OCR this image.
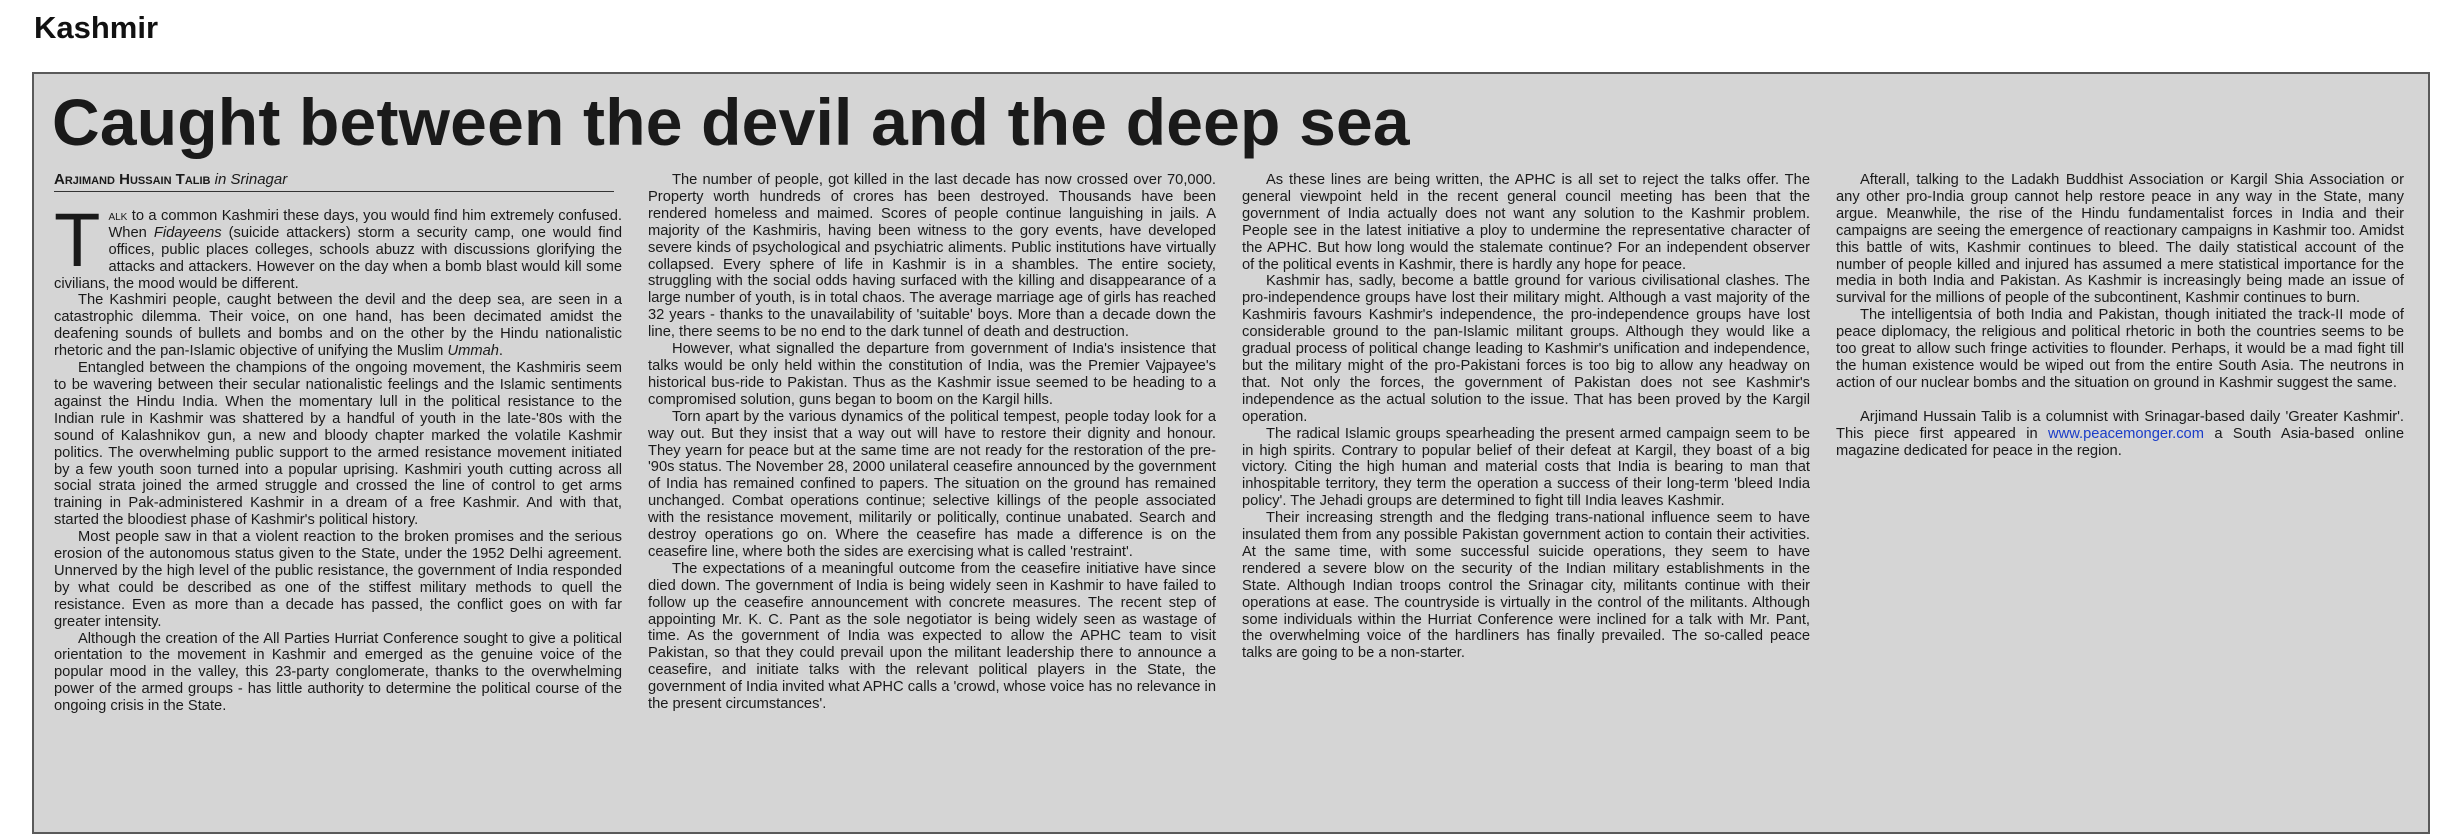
Kashmir
Caught between the devil and the deep sea
Arjimand Hussain Talib in Srinagar

Talk to a common Kashmiri these days, you would find him extremely confused. When Fidayeens (suicide attackers) storm a security camp, one would find offices, public places colleges, schools abuzz with discussions glorifying the attacks and attackers. However on the day when a bomb blast would kill some civilians, the mood would be different.

The Kashmiri people, caught between the devil and the deep sea, are seen in a catastrophic dilemma. Their voice, on one hand, has been decimated amidst the deafening sounds of bullets and bombs and on the other by the Hindu nationalistic rhetoric and the pan-Islamic objective of unifying the Muslim Ummah.

Entangled between the champions of the ongoing movement, the Kashmiris seem to be wavering between their secular nationalistic feelings and the Islamic sentiments against the Hindu India. When the momentary lull in the political resistance to the Indian rule in Kashmir was shattered by a handful of youth in the late-'80s with the sound of Kalashnikov gun, a new and bloody chapter marked the volatile Kashmir politics. The overwhelming public support to the armed resistance movement initiated by a few youth soon turned into a popular uprising. Kashmiri youth cutting across all social strata joined the armed struggle and crossed the line of control to get arms training in Pak-administered Kashmir in a dream of a free Kashmir. And with that, started the bloodiest phase of Kashmir's political history.

Most people saw in that a violent reaction to the broken promises and the serious erosion of the autonomous status given to the State, under the 1952 Delhi agreement. Unnerved by the high level of the public resistance, the government of India responded by what could be described as one of the stiffest military methods to quell the resistance. Even as more than a decade has passed, the conflict goes on with far greater intensity.

Although the creation of the All Parties Hurriat Conference sought to give a political orientation to the movement in Kashmir and emerged as the genuine voice of the popular mood in the valley, this 23-party conglomerate, thanks to the overwhelming power of the armed groups - has little authority to determine the political course of the ongoing crisis in the State.

The number of people, got killed in the last decade has now crossed over 70,000. Property worth hundreds of crores has been destroyed. Thousands have been rendered homeless and maimed. Scores of people continue languishing in jails. A majority of the Kashmiris, having been witness to the gory events, have developed severe kinds of psychological and psychiatric aliments. Public institutions have virtually collapsed. Every sphere of life in Kashmir is in a shambles. The entire society, struggling with the social odds having surfaced with the killing and disappearance of a large number of youth, is in total chaos. The average marriage age of girls has reached 32 years - thanks to the unavailability of 'suitable' boys. More than a decade down the line, there seems to be no end to the dark tunnel of death and destruction.

However, what signalled the departure from government of India's insistence that talks would be only held within the constitution of India, was the Premier Vajpayee's historical bus-ride to Pakistan. Thus as the Kashmir issue seemed to be heading to a compromised solution, guns began to boom on the Kargil hills.

Torn apart by the various dynamics of the political tempest, people today look for a way out. But they insist that a way out will have to restore their dignity and honour. They yearn for peace but at the same time are not ready for the restoration of the pre-'90s status. The November 28, 2000 unilateral ceasefire announced by the government of India has remained confined to papers. The situation on the ground has remained unchanged. Combat operations continue; selective killings of the people associated with the resistance movement, militarily or politically, continue unabated. Search and destroy operations go on. Where the ceasefire has made a difference is on the ceasefire line, where both the sides are exercising what is called 'restraint'.

The expectations of a meaningful outcome from the ceasefire initiative have since died down. The government of India is being widely seen in Kashmir to have failed to follow up the ceasefire announcement with concrete measures. The recent step of appointing Mr. K. C. Pant as the sole negotiator is being widely seen as wastage of time. As the government of India was expected to allow the APHC team to visit Pakistan, so that they could prevail upon the militant leadership there to announce a ceasefire, and initiate talks with the relevant political players in the State, the government of India invited what APHC calls a 'crowd, whose voice has no relevance in the present circumstances'.

As these lines are being written, the APHC is all set to reject the talks offer. The general viewpoint held in the recent general council meeting has been that the government of India actually does not want any solution to the Kashmir problem. People see in the latest initiative a ploy to undermine the representative character of the APHC. But how long would the stalemate continue? For an independent observer of the political events in Kashmir, there is hardly any hope for peace.

Kashmir has, sadly, become a battle ground for various civilisational clashes. The pro-independence groups have lost their military might. Although a vast majority of the Kashmiris favours Kashmir's independence, the pro-independence groups have lost considerable ground to the pan-Islamic militant groups. Although they would like a gradual process of political change leading to Kashmir's unification and independence, but the military might of the pro-Pakistani forces is too big to allow any headway on that. Not only the forces, the government of Pakistan does not see Kashmir's independence as the actual solution to the issue. That has been proved by the Kargil operation.

The radical Islamic groups spearheading the present armed campaign seem to be in high spirits. Contrary to popular belief of their defeat at Kargil, they boast of a big victory. Citing the high human and material costs that India is bearing to man that inhospitable territory, they term the operation a success of their long-term 'bleed India policy'. The Jehadi groups are determined to fight till India leaves Kashmir.

Their increasing strength and the fledging trans-national influence seem to have insulated them from any possible Pakistan government action to contain their activities. At the same time, with some successful suicide operations, they seem to have rendered a severe blow on the security of the Indian military establishments in the State. Although Indian troops control the Srinagar city, militants continue with their operations at ease. The countryside is virtually in the control of the militants. Although some individuals within the Hurriat Conference were inclined for a talk with Mr. Pant, the overwhelming voice of the hardliners has finally prevailed. The so-called peace talks are going to be a non-starter.

Afterall, talking to the Ladakh Buddhist Association or Kargil Shia Association or any other pro-India group cannot help restore peace in any way in the State, many argue. Meanwhile, the rise of the Hindu fundamentalist forces in India and their campaigns are seeing the emergence of reactionary campaigns in Kashmir too. Amidst this battle of wits, Kashmir continues to bleed. The daily statistical account of the number of people killed and injured has assumed a mere statistical importance for the media in both India and Pakistan. As Kashmir is increasingly being made an issue of survival for the millions of people of the subcontinent, Kashmir continues to burn.

The intelligentsia of both India and Pakistan, though initiated the track-II mode of peace diplomacy, the religious and political rhetoric in both the countries seems to be too great to allow such fringe activities to flounder. Perhaps, it would be a mad fight till the human existence would be wiped out from the entire South Asia. The neutrons in action of our nuclear bombs and the situation on ground in Kashmir suggest the same.

Arjimand Hussain Talib is a columnist with Srinagar-based daily 'Greater Kashmir'. This piece first appeared in www.peacemonger.com a South Asia-based online magazine dedicated for peace in the region.
